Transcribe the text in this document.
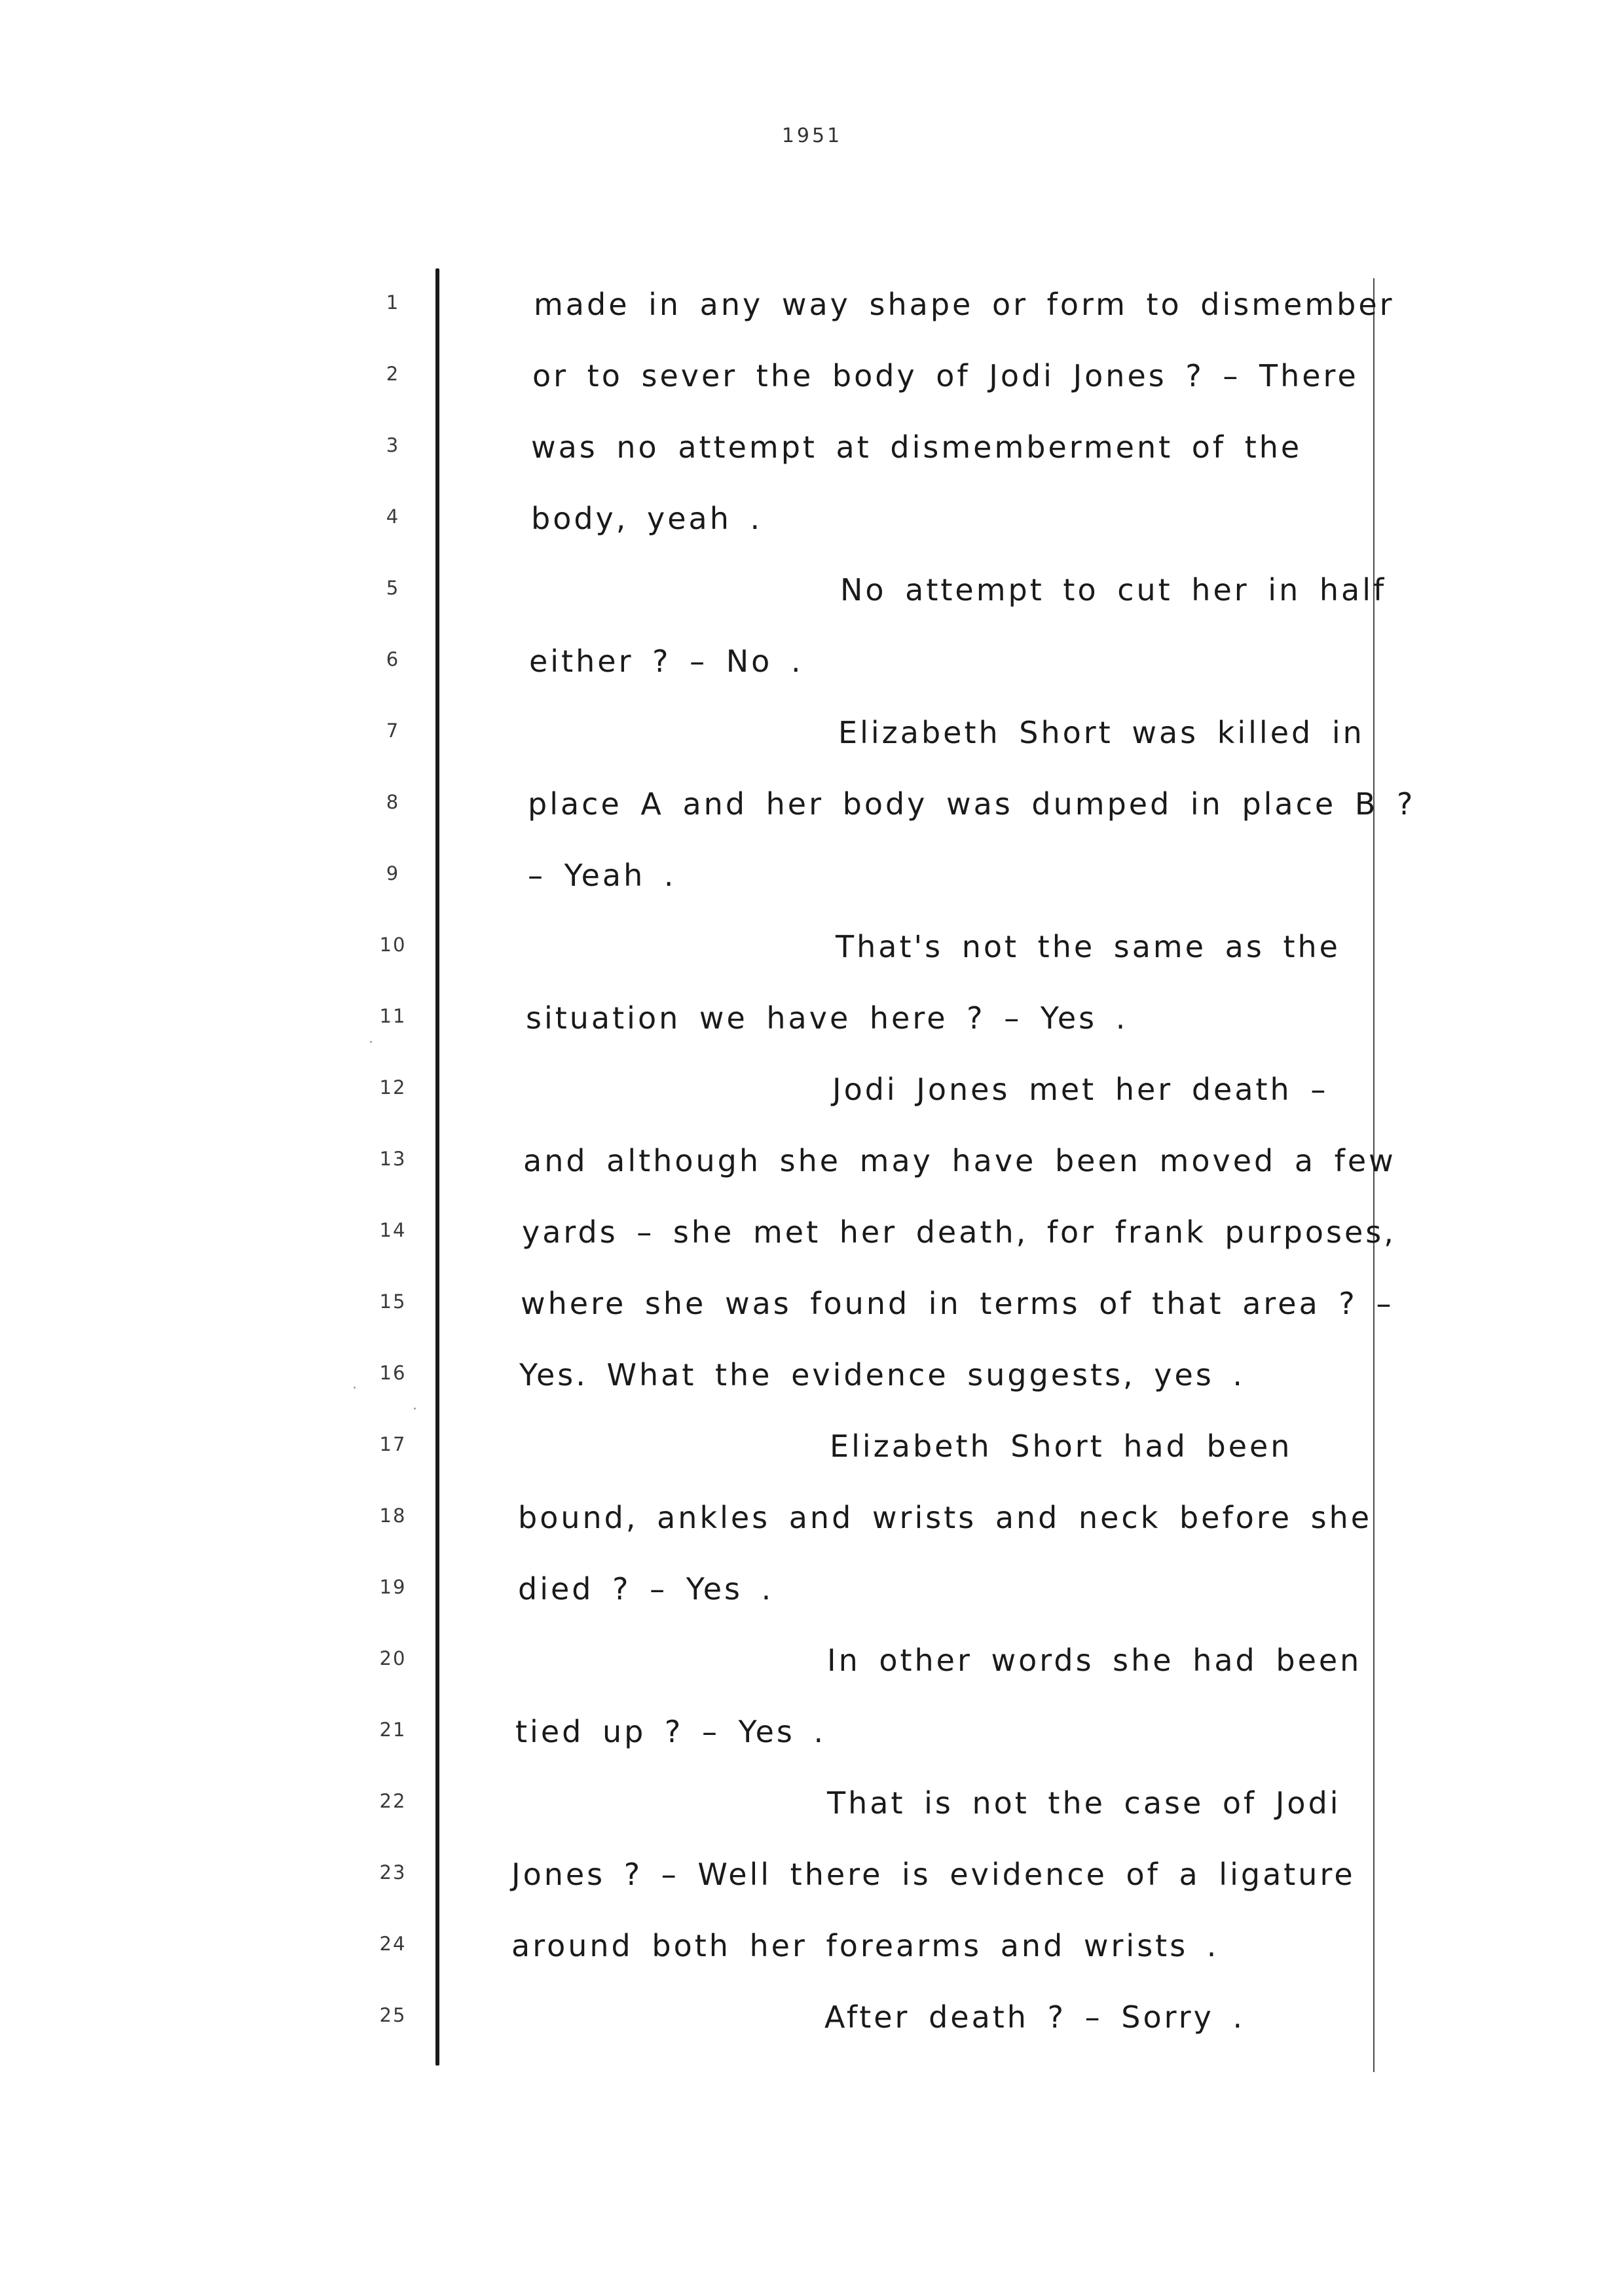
1951
1
2
3
4
5
6
7
8
9
10
11
12
13
14
15
16
17
18
19
20
21
22
23
24
25
made in any way shape or form to dismember
or to sever the body of Jodi Jones ? – There
was no attempt at dismemberment of the
body, yeah .
No attempt to cut her in half
either ? – No .
Elizabeth Short was killed in
place A and her body was dumped in place B ?
– Yeah .
That's not the same as the
situation we have here ? – Yes .
Jodi Jones met her death –
and although she may have been moved a few
yards – she met her death, for frank purposes,
where she was found in terms of that area ? –
Yes. What the evidence suggests, yes .
Elizabeth Short had been
bound, ankles and wrists and neck before she
died ? – Yes .
In other words she had been
tied up ? – Yes .
That is not the case of Jodi
Jones ? – Well there is evidence of a ligature
around both her forearms and wrists .
After death ? – Sorry .
